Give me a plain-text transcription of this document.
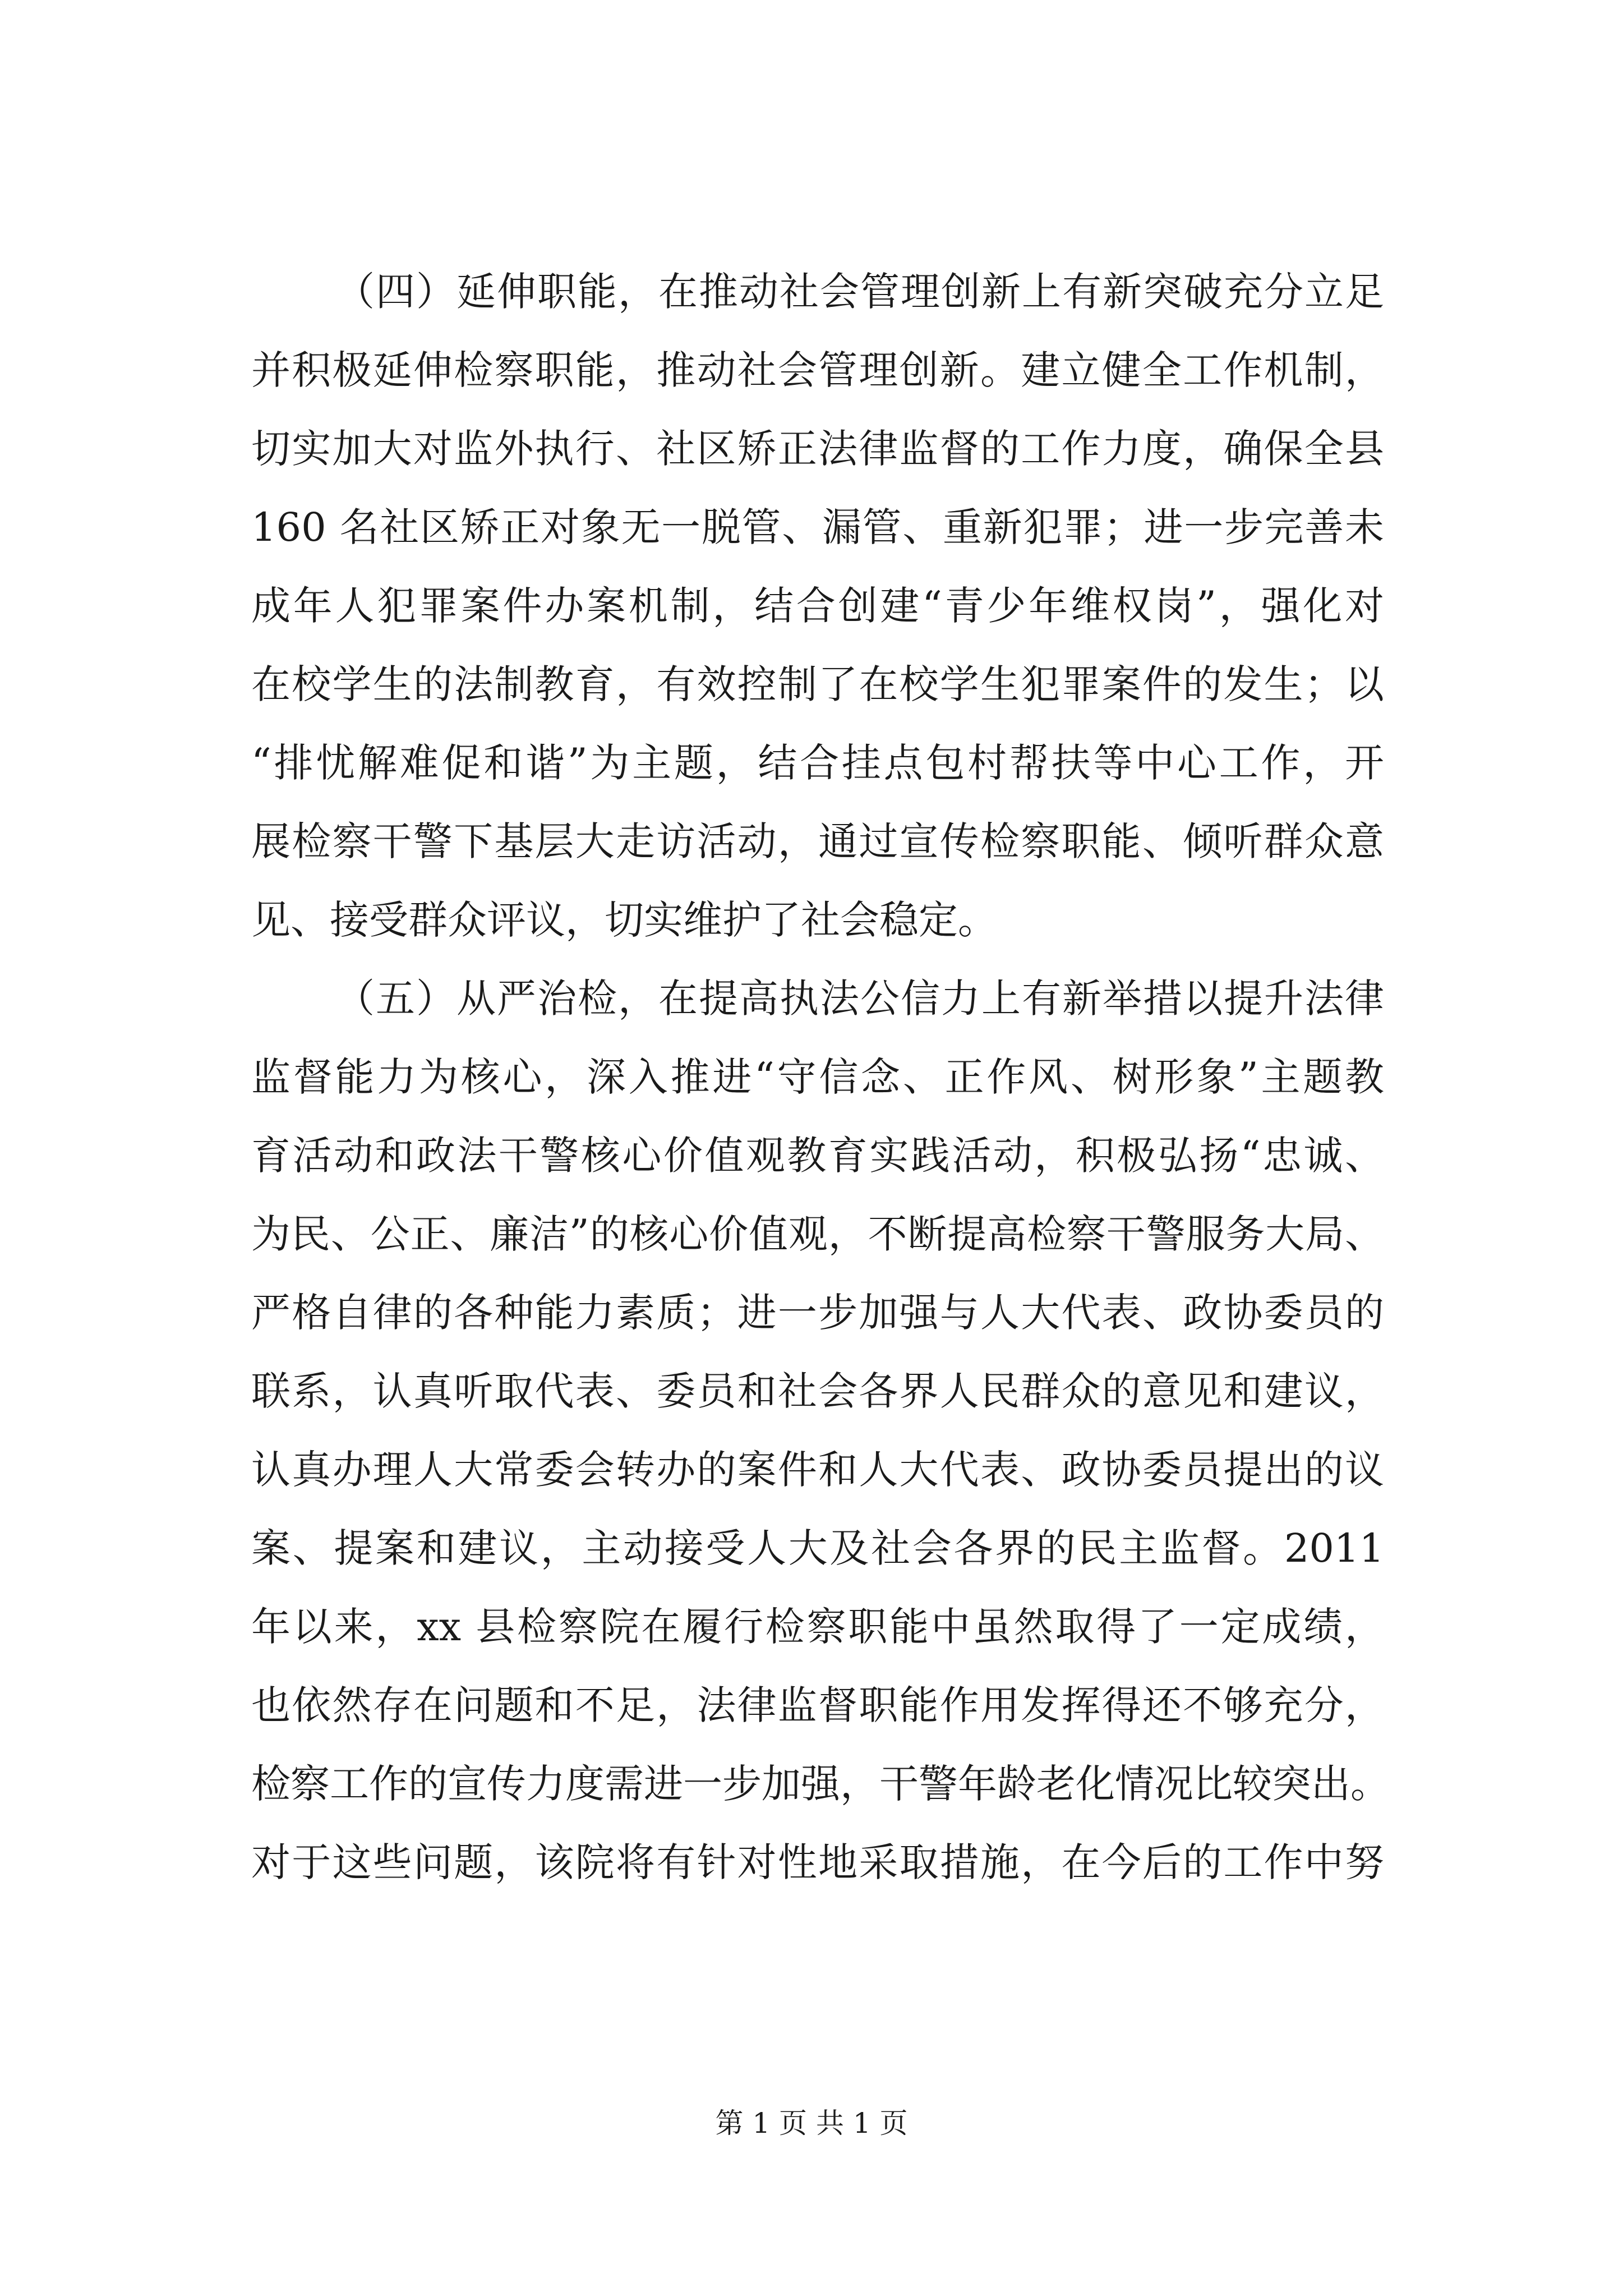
（四）延伸职能，在推动社会管理创新上有新突破充分立足
并积极延伸检察职能，推动社会管理创新。建立健全工作机制，
切实加大对监外执行、社区矫正法律监督的工作力度，确保全县
160 名社区矫正对象无一脱管、漏管、重新犯罪；进一步完善未
成年人犯罪案件办案机制，结合创建“青少年维权岗”，强化对
在校学生的法制教育，有效控制了在校学生犯罪案件的发生；以
“排忧解难促和谐”为主题，结合挂点包村帮扶等中心工作，开
展检察干警下基层大走访活动，通过宣传检察职能、倾听群众意
见、接受群众评议，切实维护了社会稳定。
（五）从严治检，在提高执法公信力上有新举措以提升法律
监督能力为核心，深入推进“守信念、正作风、树形象”主题教
育活动和政法干警核心价值观教育实践活动，积极弘扬“忠诚、
为民、公正、廉洁”的核心价值观，不断提高检察干警服务大局、
严格自律的各种能力素质；进一步加强与人大代表、政协委员的
联系，认真听取代表、委员和社会各界人民群众的意见和建议，
认真办理人大常委会转办的案件和人大代表、政协委员提出的议
案、提案和建议，主动接受人大及社会各界的民主监督。2011
年以来，xx 县检察院在履行检察职能中虽然取得了一定成绩，
也依然存在问题和不足，法律监督职能作用发挥得还不够充分，
检察工作的宣传力度需进一步加强，干警年龄老化情况比较突出。
对于这些问题，该院将有针对性地采取措施，在今后的工作中努
第 1 页 共 1 页
